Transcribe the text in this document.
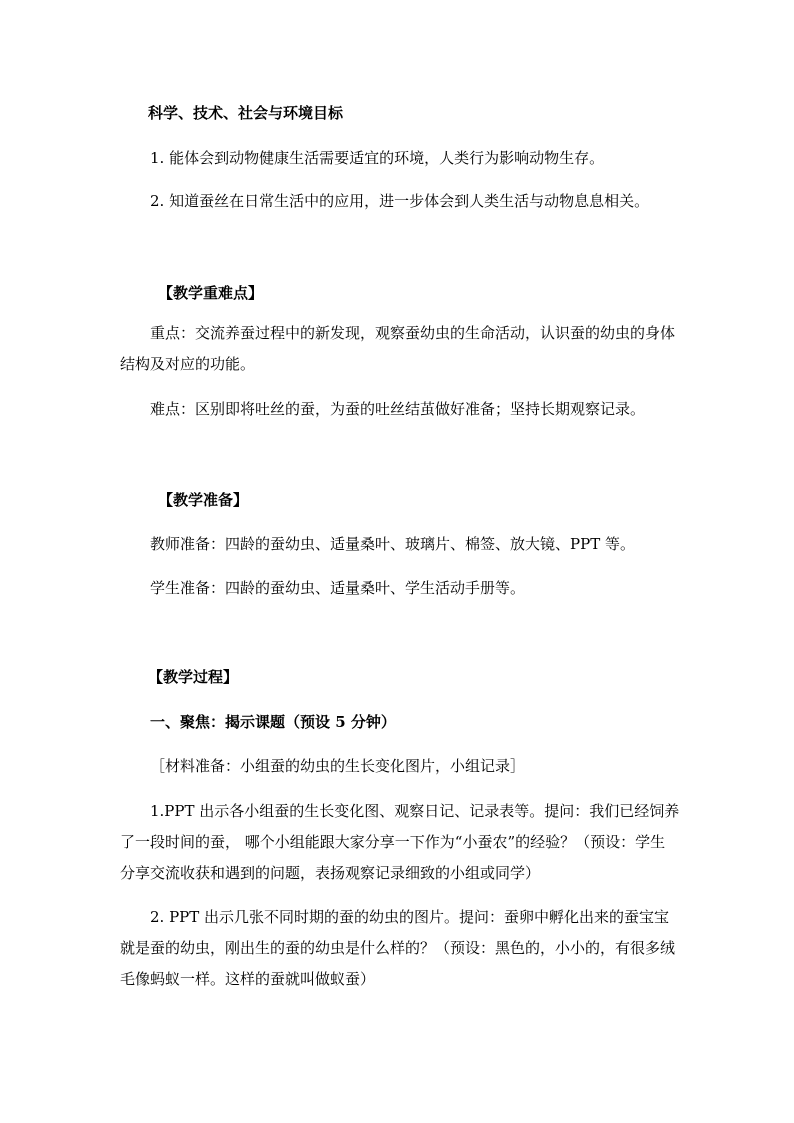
科学、技术、社会与环境目标
1. 能体会到动物健康生活需要适宜的环境，人类行为影响动物生存。
2. 知道蚕丝在日常生活中的应用，进一步体会到人类生活与动物息息相关。
【教学重难点】
重点：交流养蚕过程中的新发现，观察蚕幼虫的生命活动，认识蚕的幼虫的身体结构及对应的功能。
难点：区别即将吐丝的蚕，为蚕的吐丝结茧做好准备；坚持长期观察记录。
【教学准备】
教师准备：四龄的蚕幼虫、适量桑叶、玻璃片、棉签、放大镜、PPT 等。
学生准备：四龄的蚕幼虫、适量桑叶、学生活动手册等。
【教学过程】
一、聚焦：揭示课题（预设 5 分钟）
［材料准备：小组蚕的幼虫的生长变化图片，小组记录］
1.PPT 出示各小组蚕的生长变化图、观察日记、记录表等。提问：我们已经饲养了一段时间的蚕， 哪个小组能跟大家分享一下作为“小蚕农”的经验？（预设：学生分享交流收获和遇到的问题，表扬观察记录细致的小组或同学）
2. PPT 出示几张不同时期的蚕的幼虫的图片。提问：蚕卵中孵化出来的蚕宝宝就是蚕的幼虫，刚出生的蚕的幼虫是什么样的？（预设：黑色的，小小的，有很多绒毛像蚂蚁一样。这样的蚕就叫做蚁蚕）
